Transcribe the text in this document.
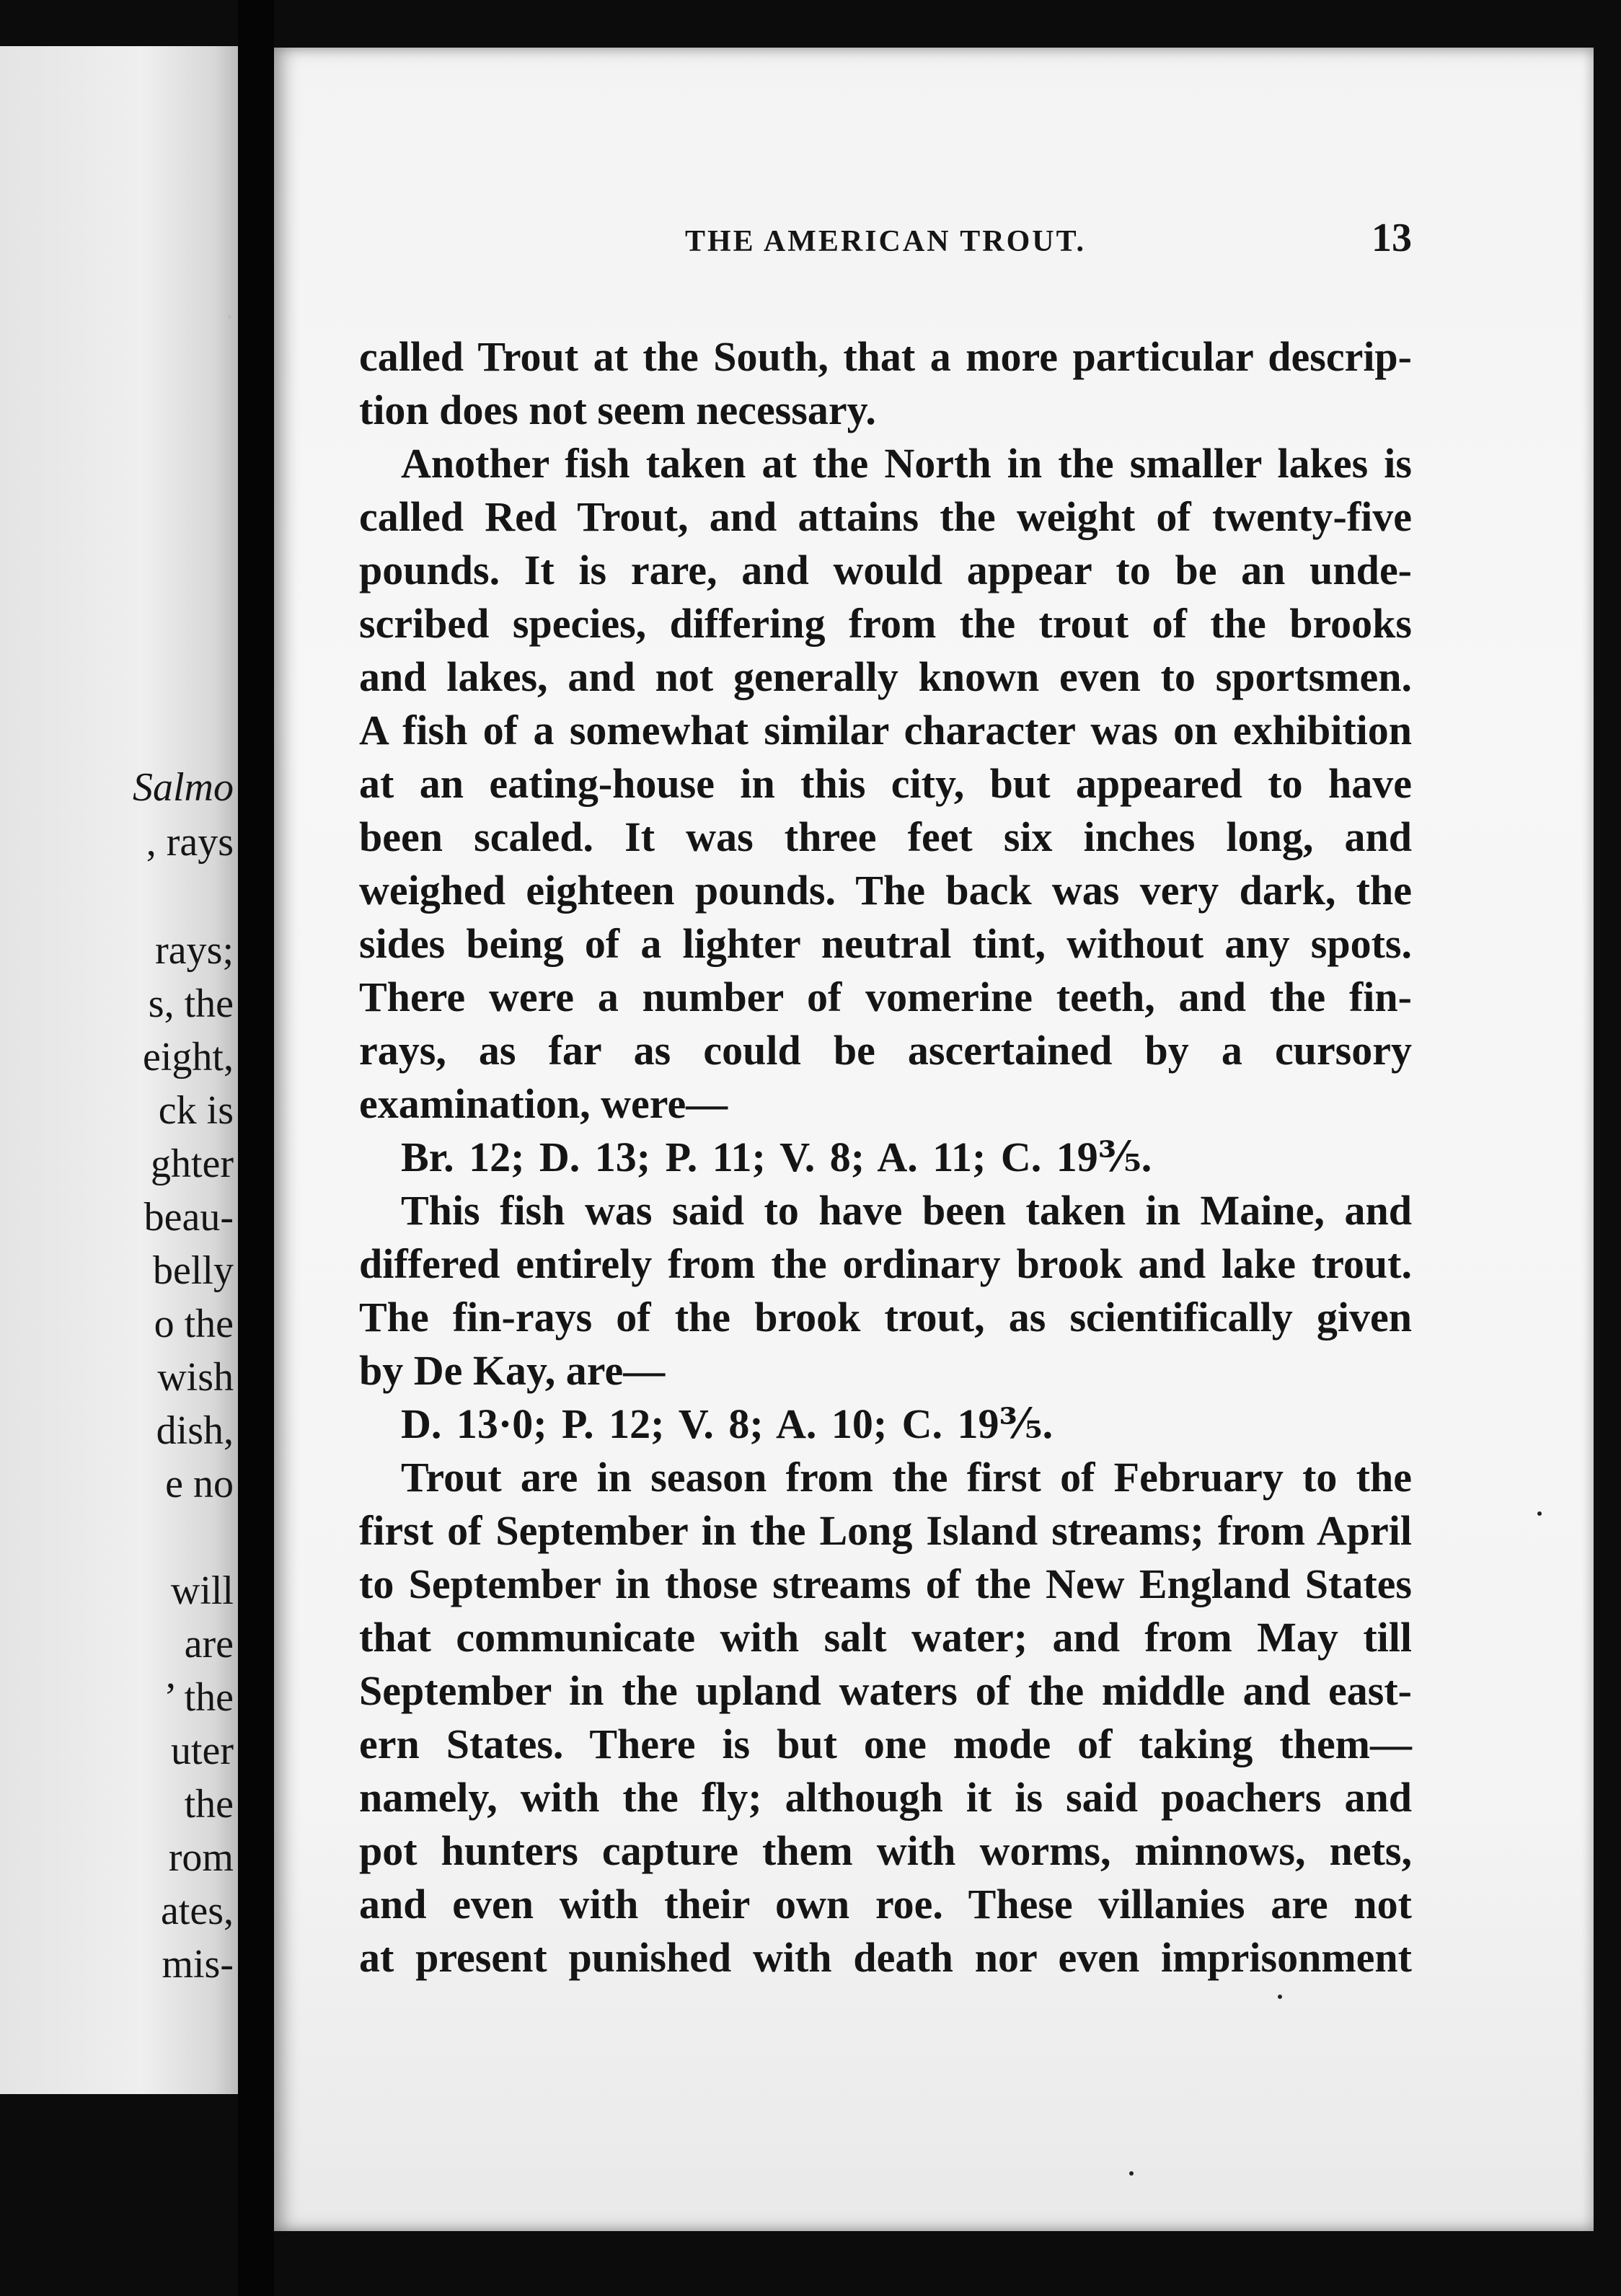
·
Salmo
, rays
rays;
s, the
eight,
ck is
ghter
beau-
belly
o the
wish
dish,
e no
will
are
’ the
uter
the
rom
ates,
mis-
THE AMERICAN TROUT.	13
called Trout at the South, that a more particular descrip-
tion does not seem necessary.
Another fish taken at the North in the smaller lakes is
called Red Trout, and attains the weight of twenty-five
pounds. It is rare, and would appear to be an unde-
scribed species, differing from the trout of the brooks
and lakes, and not generally known even to sportsmen.
A fish of a somewhat similar character was on exhibition
at an eating-house in this city, but appeared to have
been scaled. It was three feet six inches long, and
weighed eighteen pounds. The back was very dark, the
sides being of a lighter neutral tint, without any spots.
There were a number of vomerine teeth, and the fin-
rays, as far as could be ascertained by a cursory
examination, were—
Br. 12; D. 13; P. 11; V. 8; A. 11; C. 19⅗.
This fish was said to have been taken in Maine, and
differed entirely from the ordinary brook and lake trout.
The fin-rays of the brook trout, as scientifically given
by De Kay, are—
D. 13·0; P. 12; V. 8; A. 10; C. 19⅗.
Trout are in season from the first of February to the
first of September in the Long Island streams; from April
to September in those streams of the New England States
that communicate with salt water; and from May till
September in the upland waters of the middle and east-
ern States. There is but one mode of taking them—
namely, with the fly; although it is said poachers and
pot hunters capture them with worms, minnows, nets,
and even with their own roe. These villanies are not
at present punished with death nor even imprisonment
